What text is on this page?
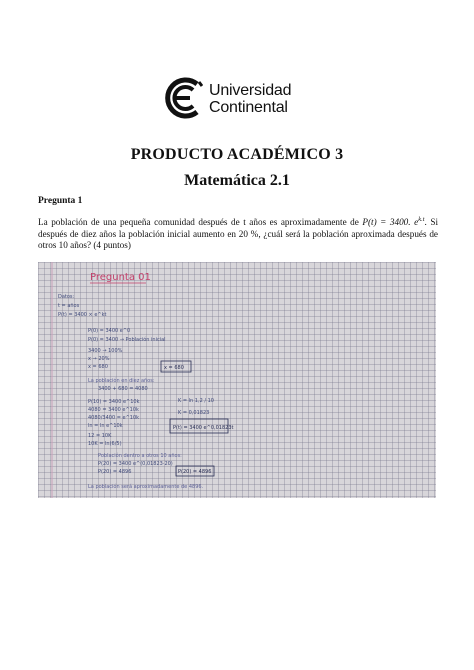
Universidad
Continental
PRODUCTO ACADÉMICO 3
Matemática 2.1
Pregunta 1
La población de una pequeña comunidad después de t años es aproximadamente de P(t) = 3400. $e^{k.t}$. Si después de diez años la población inicial aumento en 20 %, ¿cuál será la población aproximada después de otros 10 años? (4 puntos)
Pregunta 01
Datos:
t = años
P(t) = 3400 × e^kt
P(0) = 3400 e^0
P(0) = 3400 → Población inicial
3400 → 100%
x → 20%
x = 680	x = 680
La población en diez años:
3400 + 680 = 4080
P(10) = 3400 e^10k
4080 = 3400 e^10k
4080/3400 = e^10k
ln = ln e^10k
K = ln 1,2 / 10
K = 0,01823
P(t) = 3400 e^0,01823t
12 = 10K
10K = ln(6/5)
Población dentro a otros 10 años:
P(20) = 3400 e^(0,01823·20)
P(20) = 4896	P(20) = 4896
La población será aproximadamente de 4896.
